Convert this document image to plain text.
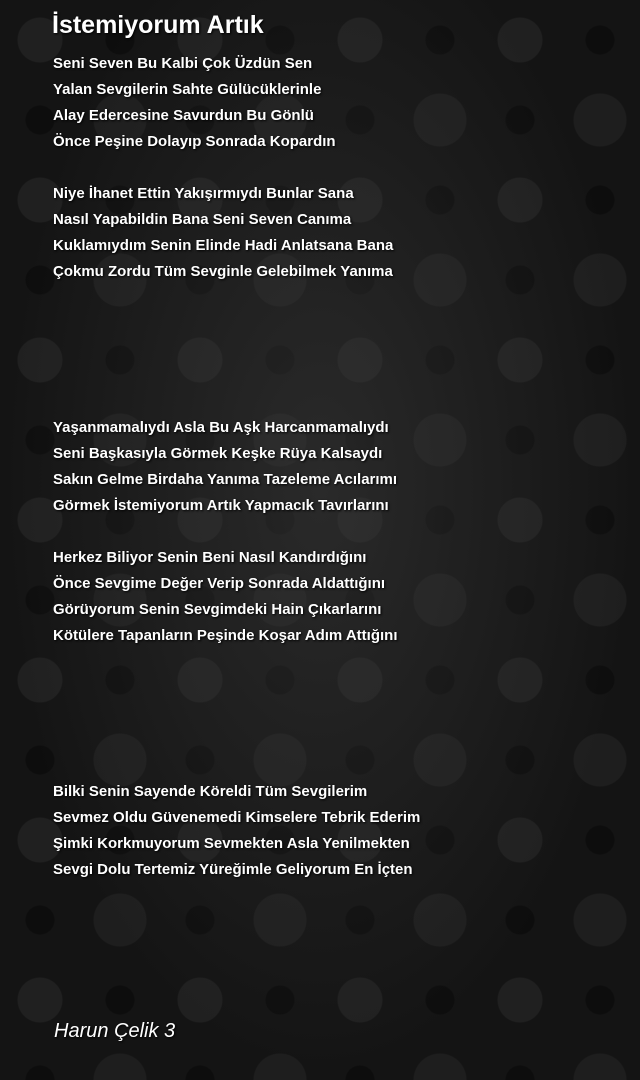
İstemiyorum Artık
Seni Seven Bu Kalbi Çok Üzdün Sen
Yalan Sevgilerin Sahte Gülücüklerinle
Alay Edercesine Savurdun Bu Gönlü
Önce Peşine Dolayıp Sonrada Kopardın
Niye İhanet Ettin Yakışırmıydı Bunlar Sana
Nasıl Yapabildin Bana Seni Seven Canıma
Kuklamıydım Senin Elinde Hadi Anlatsana Bana
Çokmu Zordu Tüm Sevginle Gelebilmek Yanıma
Yaşanmamalıydı Asla Bu Aşk Harcanmamalıydı
Seni Başkasıyla Görmek Keşke Rüya Kalsaydı
Sakın Gelme Birdaha Yanıma Tazeleme Acılarımı
Görmek İstemiyorum Artık Yapmacık Tavırlarını
Herkez Biliyor Senin Beni Nasıl Kandırdığını
Önce Sevgime Değer Verip Sonrada Aldattığını
Görüyorum Senin Sevgimdeki Hain Çıkarlarını
Kötülere Tapanların Peşinde Koşar Adım Attığını
Bilki Senin Sayende Köreldi Tüm Sevgilerim
Sevmez Oldu Güvenemedi Kimselere Tebrik Ederim
Şimki Korkmuyorum Sevmekten Asla Yenilmekten
Sevgi Dolu Tertemiz Yüreğimle Geliyorum En İçten

Harun Çelik 3
